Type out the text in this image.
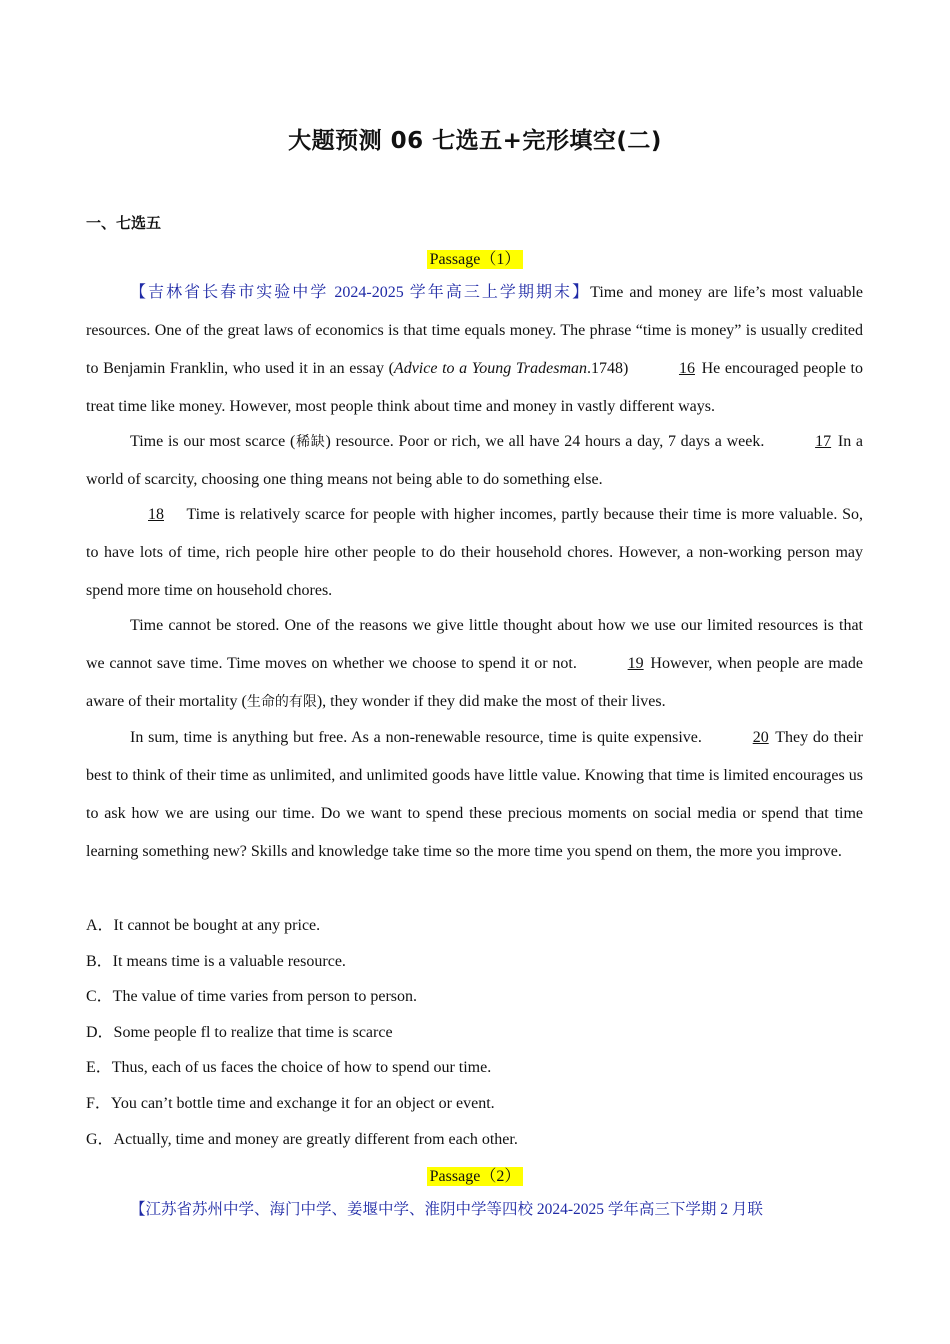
大题预测 06 七选五+完形填空(二)
一、七选五
Passage（1）

【吉林省长春市实验中学 2024-2025 学年高三上学期期末】Time and money are life’s most valuable resources. One of the great laws of economics is that time equals money. The phrase “time is money” is usually credited to Benjamin Franklin, who used it in an essay (Advice to a Young Tradesman.1748)	16 He encouraged people to treat time like money. However, most people think about time and money in vastly different ways.

Time is our most scarce (稀缺) resource. Poor or rich, we all have 24 hours a day, 7 days a week.	17 In a world of scarcity, choosing one thing means not being able to do something else.

18 Time is relatively scarce for people with higher incomes, partly because their time is more valuable. So, to have lots of time, rich people hire other people to do their household chores. However, a non-working person may spend more time on household chores.

Time cannot be stored. One of the reasons we give little thought about how we use our limited resources is that we cannot save time. Time moves on whether we choose to spend it or not.	19 However, when people are made aware of their mortality (生命的有限), they wonder if they did make the most of their lives.

In sum, time is anything but free. As a non-renewable resource, time is quite expensive.	20 They do their best to think of their time as unlimited, and unlimited goods have little value. Knowing that time is limited encourages us to ask how we are using our time. Do we want to spend these precious moments on social media or spend that time learning something new? Skills and knowledge take time so the more time you spend on them, the more you improve.

A．It cannot be bought at any price.
B．It means time is a valuable resource.
C．The value of time varies from person to person.
D．Some people fl to realize that time is scarce
E．Thus, each of us faces the choice of how to spend our time.
F．You can’t bottle time and exchange it for an object or event.
G．Actually, time and money are greatly different from each other.
Passage（2）

【江苏省苏州中学、海门中学、姜堰中学、淮阴中学等四校 2024-2025 学年高三下学期 2 月联
